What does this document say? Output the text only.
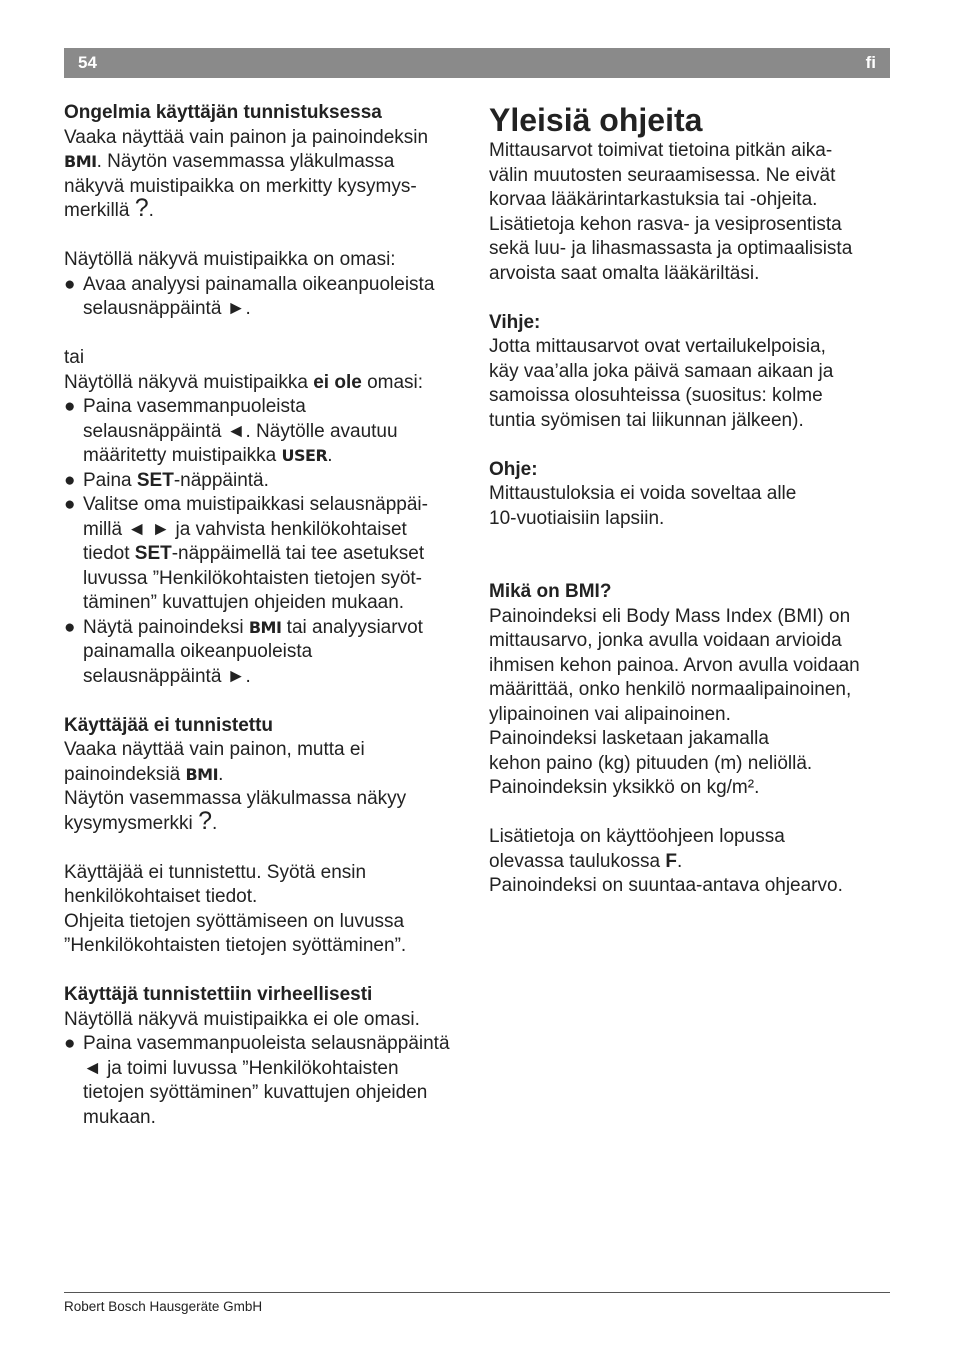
54	fi

Ongelmia käyttäjän tunnistuksessa

Vaaka näyttää vain painon ja painoindeksin

BMI. Näytön vasemmassa yläkulmassa

näkyvä muistipaikka on merkitty kysymys-

merkillä ?.

Näytöllä näkyvä muistipaikka on omasi:

● Avaa analyysi painamalla oikeanpuoleista
selausnäppäintä ►.

tai

Näytöllä näkyvä muistipaikka ei ole omasi:

● Paina vasemmanpuoleista
selausnäppäintä ◄. Näytölle avautuu
määritetty muistipaikka USER.
● Paina SET-näppäintä.
● Valitse oma muistipaikkasi selausnäppäi-
millä ◄ ► ja vahvista henkilökohtaiset
tiedot SET-näppäimellä tai tee asetukset
luvussa ”Henkilökohtaisten tietojen syöt-
täminen” kuvattujen ohjeiden mukaan.
● Näytä painoindeksi BMI tai analyysiarvot
painamalla oikeanpuoleista
selausnäppäintä ►.

Käyttäjää ei tunnistettu

Vaaka näyttää vain painon, mutta ei

painoindeksiä BMI.

Näytön vasemmassa yläkulmassa näkyy

kysymysmerkki ?.

Käyttäjää ei tunnistettu. Syötä ensin

henkilökohtaiset tiedot.

Ohjeita tietojen syöttämiseen on luvussa

”Henkilökohtaisten tietojen syöttäminen”.

Käyttäjä tunnistettiin virheellisesti

Näytöllä näkyvä muistipaikka ei ole omasi.

● Paina vasemmanpuoleista selausnäppäintä
◄ ja toimi luvussa ”Henkilökohtaisten
tietojen syöttäminen” kuvattujen ohjeiden
mukaan.

Yleisiä ohjeita

Mittausarvot toimivat tietoina pitkän aika-

välin muutosten seuraamisessa. Ne eivät

korvaa lääkärintarkastuksia tai -ohjeita.

Lisätietoja kehon rasva- ja vesiprosentista

sekä luu- ja lihasmassasta ja optimaalisista

arvoista saat omalta lääkäriltäsi.

Vihje:

Jotta mittausarvot ovat vertailukelpoisia,

käy vaa’alla joka päivä samaan aikaan ja

samoissa olosuhteissa (suositus: kolme

tuntia syömisen tai liikunnan jälkeen).

Ohje:

Mittaustuloksia ei voida soveltaa alle

10-vuotiaisiin lapsiin.

Mikä on BMI?

Painoindeksi eli Body Mass Index (BMI) on

mittausarvo, jonka avulla voidaan arvioida

ihmisen kehon painoa. Arvon avulla voidaan

määrittää, onko henkilö normaalipainoinen,

ylipainoinen vai alipainoinen.

Painoindeksi lasketaan jakamalla

kehon paino (kg) pituuden (m) neliöllä.

Painoindeksin yksikkö on kg/m².

Lisätietoja on käyttöohjeen lopussa

olevassa taulukossa F.

Painoindeksi on suuntaa-antava ohjearvo.

Robert Bosch Hausgeräte GmbH
